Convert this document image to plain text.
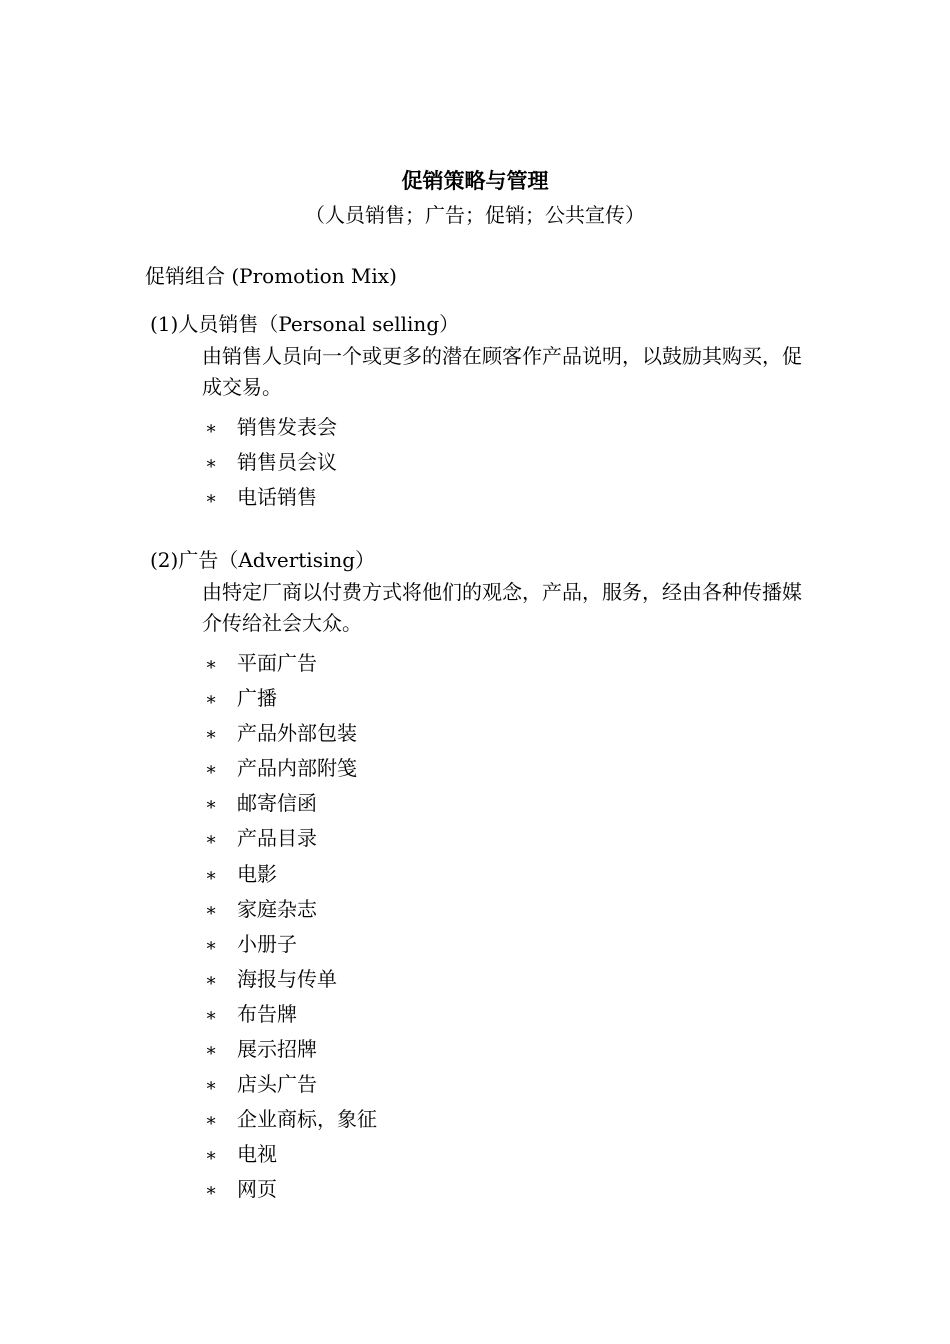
促销策略与管理
（人员销售；广告；促销；公共宣传）
促销组合 (Promotion Mix)
(1)人员销售（Personal selling）
由销售人员向一个或更多的潜在顾客作产品说明，以鼓励其购买，促成交易。
∗ 销售发表会
∗ 销售员会议
∗ 电话销售
(2)广告（Advertising）
由特定厂商以付费方式将他们的观念，产品，服务，经由各种传播媒介传给社会大众。
∗ 平面广告
∗ 广播
∗ 产品外部包装
∗ 产品内部附笺
∗ 邮寄信函
∗ 产品目录
∗ 电影
∗ 家庭杂志
∗ 小册子
∗ 海报与传单
∗ 布告牌
∗ 展示招牌
∗ 店头广告
∗ 企业商标，象征
∗ 电视
∗ 网页
